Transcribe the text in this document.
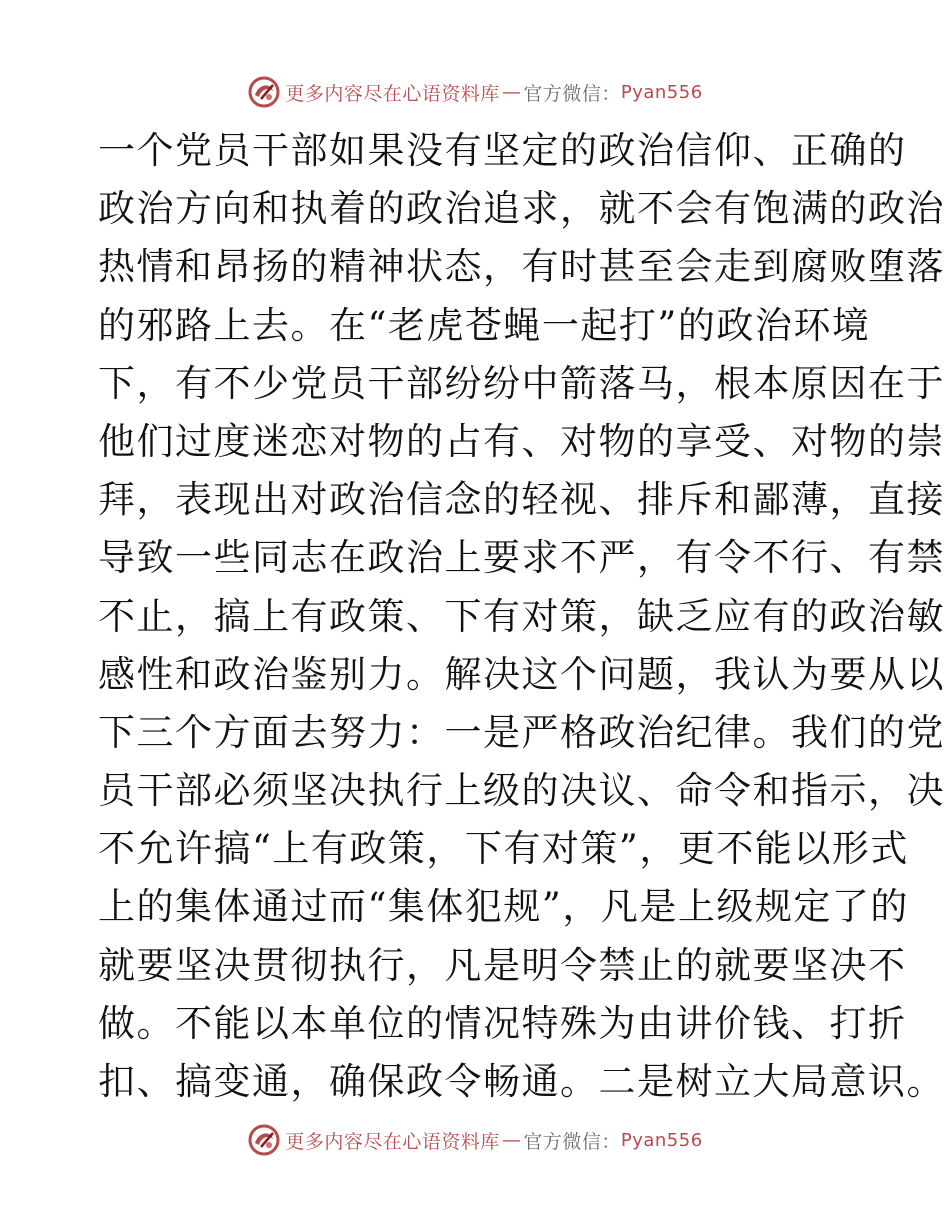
更多内容尽在心语资料库 — 官方微信： Pyan556
一个党员干部如果没有坚定的政治信仰、正确的
政治方向和执着的政治追求，就不会有饱满的政治
热情和昂扬的精神状态，有时甚至会走到腐败堕落
的邪路上去。在“老虎苍蝇一起打”的政治环境
下，有不少党员干部纷纷中箭落马，根本原因在于
他们过度迷恋对物的占有、对物的享受、对物的崇
拜，表现出对政治信念的轻视、排斥和鄙薄，直接
导致一些同志在政治上要求不严，有令不行、有禁
不止，搞上有政策、下有对策，缺乏应有的政治敏
感性和政治鉴别力。解决这个问题，我认为要从以
下三个方面去努力：一是严格政治纪律。我们的党
员干部必须坚决执行上级的决议、命令和指示，决
不允许搞“上有政策，下有对策”，更不能以形式
上的集体通过而“集体犯规”，凡是上级规定了的
就要坚决贯彻执行，凡是明令禁止的就要坚决不
做。不能以本单位的情况特殊为由讲价钱、打折
扣、搞变通，确保政令畅通。二是树立大局意识。
更多内容尽在心语资料库 — 官方微信： Pyan556
